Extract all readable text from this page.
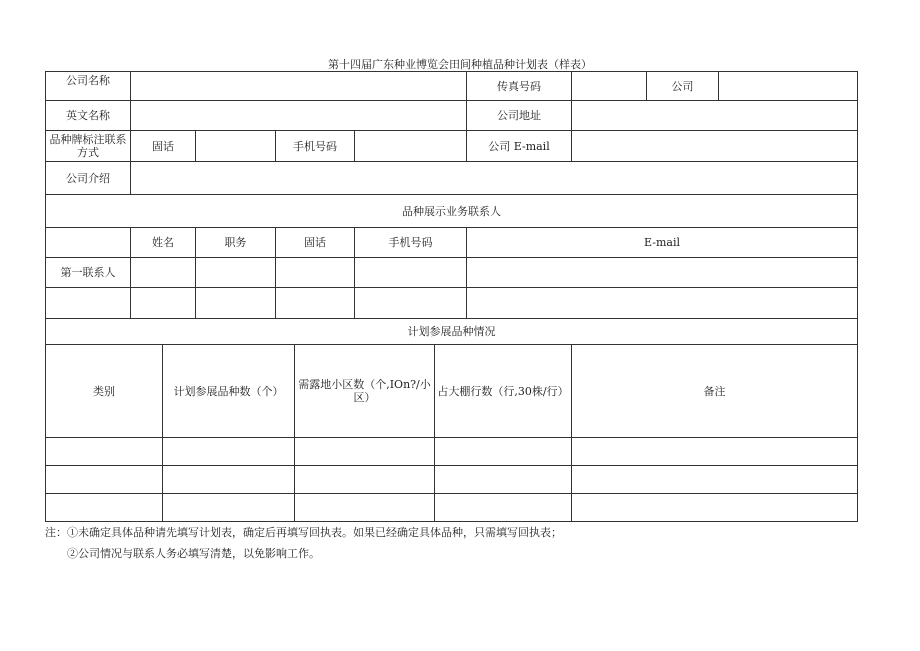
第十四届广东种业博览会田间种植品种计划表（样表）
公司名称	传真号码	公司
英文名称	公司地址
品种牌标注联系方式	固话	手机号码	公司 E-mail
公司介绍
品种展示业务联系人
姓名	职务	固话	手机号码	E-mail
第一联系人
计划参展品种情况
类别	计划参展品种数（个）	需露地小区数（个,IOn?/小区）	占大棚行数（行,30株/行）	备注
注：①未确定具体品种请先填写计划表，确定后再填写回执表。如果已经确定具体品种，只需填写回执表；
②公司情况与联系人务必填写清楚，以免影响工作。
